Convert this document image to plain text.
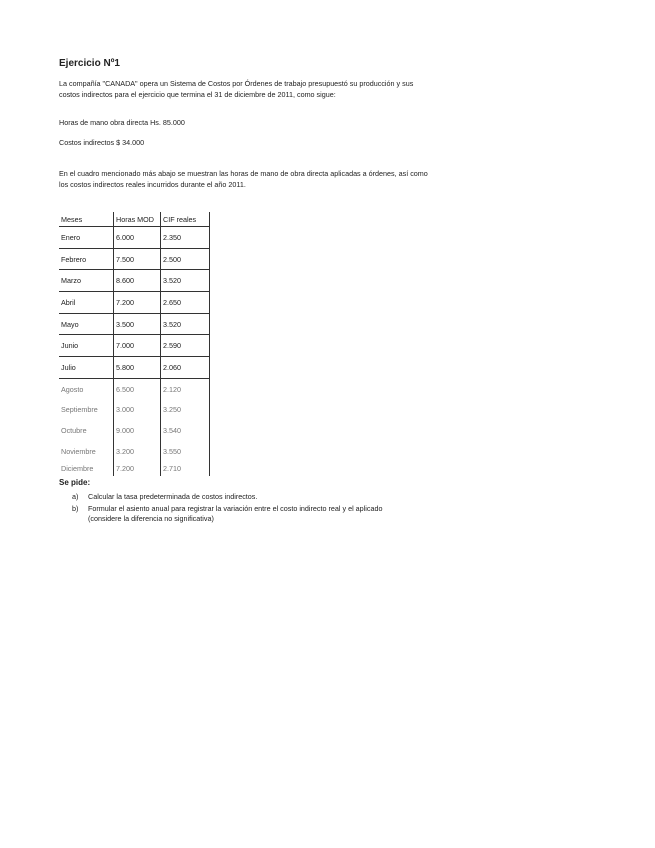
Ejercicio Nº1
La compañía "CANADA" opera un Sistema de Costos por Órdenes de trabajo presupuestó su producción y sus costos indirectos para el ejercicio que termina el 31 de diciembre de 2011, como sigue:
Horas de mano obra directa Hs. 85.000
Costos indirectos $ 34.000
En el cuadro mencionado más abajo se muestran las horas de mano de obra directa aplicadas a órdenes, así como los costos indirectos reales incurridos durante el año 2011.
Meses	Horas MOD	CIF reales
Enero	6.000	2.350
Febrero	7.500	2.500
Marzo	8.600	3.520
Abril	7.200	2.650
Mayo	3.500	3.520
Junio	7.000	2.590
Julio	5.800	2.060
Agosto	6.500	2.120
Septiembre	3.000	3.250
Octubre	9.000	3.540
Noviembre	3.200	3.550
Diciembre	7.200	2.710
Se pide:
a) Calcular la tasa predeterminada de costos indirectos.
b) Formular el asiento anual para registrar la variación entre el costo indirecto real y el aplicado (considere la diferencia no significativa)
